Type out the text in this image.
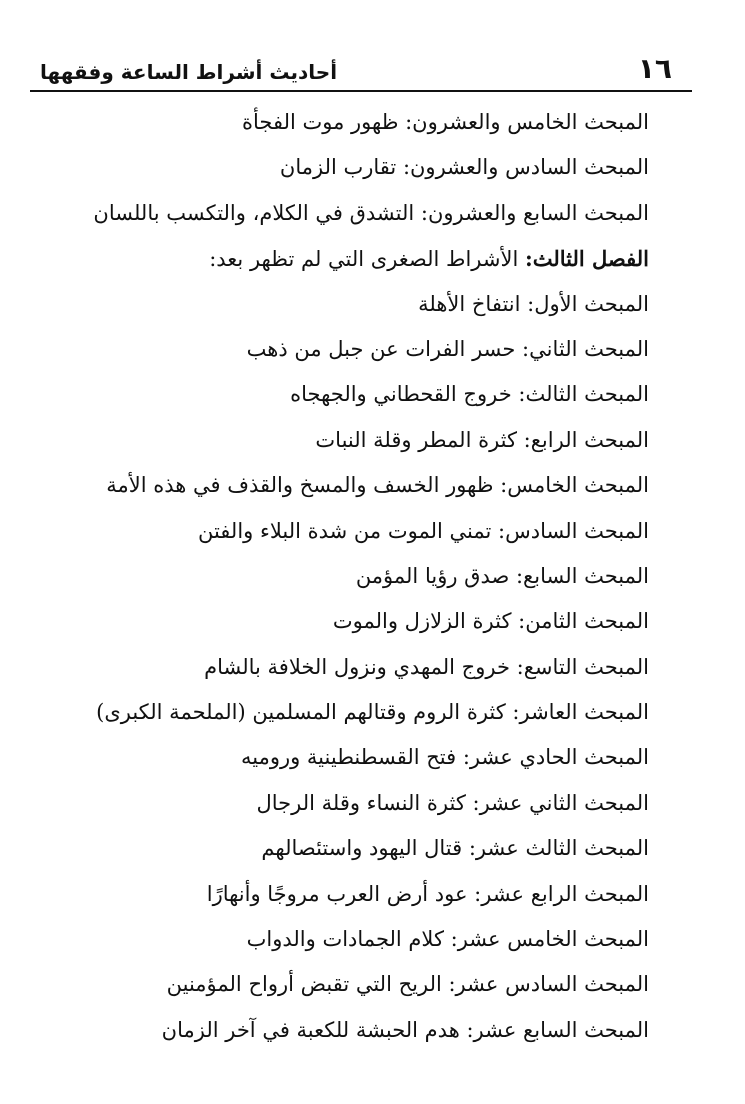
أحاديث أشراط الساعة وفقهها	١٦
المبحث الخامس والعشرون: ظهور موت الفجأة
المبحث السادس والعشرون: تقارب الزمان
المبحث السابع والعشرون: التشدق في الكلام، والتكسب باللسان
الفصل الثالث: الأشراط الصغرى التي لم تظهر بعد:
المبحث الأول: انتفاخ الأهلة
المبحث الثاني: حسر الفرات عن جبل من ذهب
المبحث الثالث: خروج القحطاني والجهجاه
المبحث الرابع: كثرة المطر وقلة النبات
المبحث الخامس: ظهور الخسف والمسخ والقذف في هذه الأمة
المبحث السادس: تمني الموت من شدة البلاء والفتن
المبحث السابع: صدق رؤيا المؤمن
المبحث الثامن: كثرة الزلازل والموت
المبحث التاسع: خروج المهدي ونزول الخلافة بالشام
المبحث العاشر: كثرة الروم وقتالهم المسلمين (الملحمة الكبرى)
المبحث الحادي عشر: فتح القسطنطينية وروميه
المبحث الثاني عشر: كثرة النساء وقلة الرجال
المبحث الثالث عشر: قتال اليهود واستئصالهم
المبحث الرابع عشر: عود أرض العرب مروجًا وأنهارًا
المبحث الخامس عشر: كلام الجمادات والدواب
المبحث السادس عشر: الريح التي تقبض أرواح المؤمنين
المبحث السابع عشر: هدم الحبشة للكعبة في آخر الزمان
